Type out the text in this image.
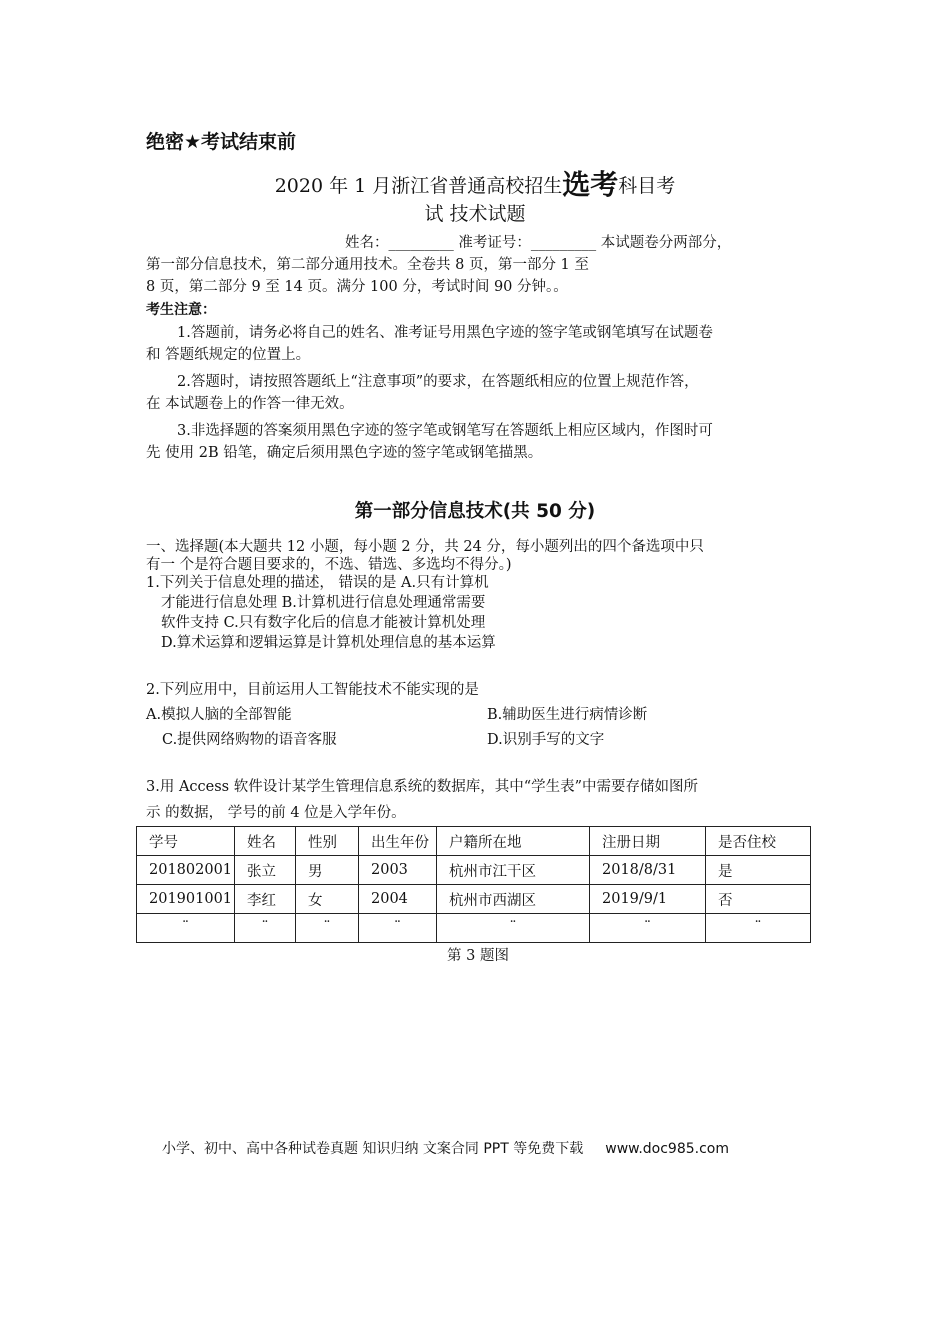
绝密★考试结束前
2020 年 1 月浙江省普通高校招生选考科目考
试 技术试题
姓名：_________ 准考证号：_________ 本试题卷分两部分，
第一部分信息技术，第二部分通用技术。全卷共 8 页，第一部分 1 至
8 页，第二部分 9 至 14 页。满分 100 分，考试时间 90 分钟。。
考生注意：
1.答题前，请务必将自己的姓名、准考证号用黑色字迹的签字笔或钢笔填写在试题卷
和 答题纸规定的位置上。
2.答题时，请按照答题纸上“注意事项”的要求，在答题纸相应的位置上规范作答，
在 本试题卷上的作答一律无效。
3.非选择题的答案须用黑色字迹的签字笔或钢笔写在答题纸上相应区域内，作图时可
先 使用 2B 铅笔，确定后须用黑色字迹的签字笔或钢笔描黑。
第一部分信息技术(共 50 分)
一、选择题(本大题共 12 小题，每小题 2 分，共 24 分，每小题列出的四个备选项中只
有一 个是符合题目要求的，不选、错选、多选均不得分。)
1.下列关于信息处理的描述， 错误的是 A.只有计算机
才能进行信息处理 B.计算机进行信息处理通常需要
软件支持 C.只有数字化后的信息才能被计算机处理
D.算术运算和逻辑运算是计算机处理信息的基本运算
2.下列应用中，目前运用人工智能技术不能实现的是
A.模拟人脑的全部智能	B.辅助医生进行病情诊断
C.提供网络购物的语音客服	D.识别手写的文字
3.用 Access 软件设计某学生管理信息系统的数据库，其中“学生表”中需要存储如图所
示 的数据， 学号的前 4 位是入学年份。
学号	姓名	性别	出生年份	户籍所在地	注册日期	是否住校
201802001	张立	男	2003	杭州市江干区	2018/8/31	是
201901001	李红	女	2004	杭州市西湖区	2019/9/1	否
¨	¨	¨	¨	¨	¨	¨
第 3 题图
小学、初中、高中各种试卷真题 知识归纳 文案合同 PPT 等免费下载 www.doc985.com
